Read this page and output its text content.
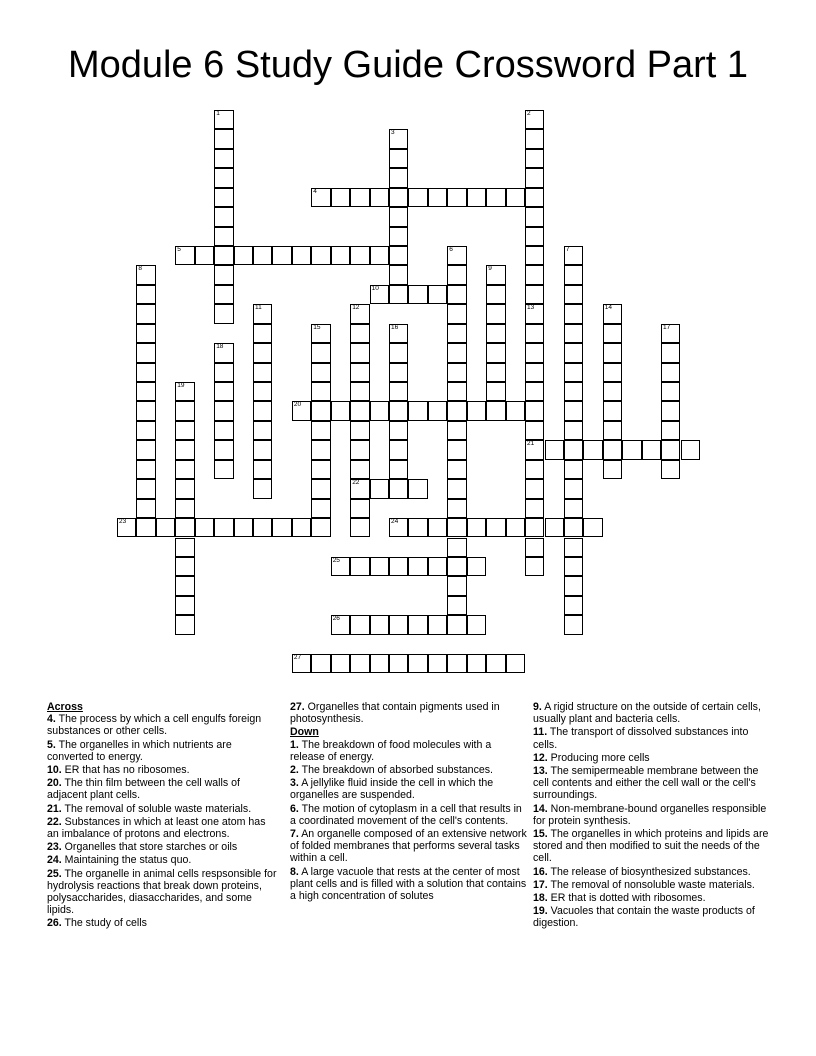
Module 6 Study Guide Crossword Part 1
1	2
3
4
5	6	7
8	9
10
11	12
22
13
21
14
15	16	17
18
19
20
23	24
25
26
27
Across
4. The process by which a cell engulfs foreign substances or other cells.
5. The organelles in which nutrients are converted to energy.
10. ER that has no ribosomes.
20. The thin film between the cell walls of adjacent plant cells.
21. The removal of soluble waste materials.
22. Substances in which at least one atom has an imbalance of protons and electrons.
23. Organelles that store starches or oils
24. Maintaining the status quo.
25. The organelle in animal cells respsonsible for hydrolysis reactions that break down proteins, polysaccharides, diasaccharides, and some lipids.
26. The study of cells
27. Organelles that contain pigments used in photosynthesis.
Down
1. The breakdown of food molecules with a release of energy.
2. The breakdown of absorbed substances.
3. A jellylike fluid inside the cell in which the organelles are suspended.
6. The motion of cytoplasm in a cell that results in a coordinated movement of the cell's contents.
7. An organelle composed of an extensive network of folded membranes that performs several tasks within a cell.
8. A large vacuole that rests at the center of most plant cells and is filled with a solution that contains a high concentration of solutes
9. A rigid structure on the outside of certain cells, usually plant and bacteria cells.
11. The transport of dissolved substances into cells.
12. Producing more cells
13. The semipermeable membrane between the cell contents and either the cell wall or the cell's surroundings.
14. Non-membrane-bound organelles responsible for protein synthesis.
15. The organelles in which proteins and lipids are stored and then modified to suit the needs of the cell.
16. The release of biosynthesized substances.
17. The removal of nonsoluble waste materials.
18. ER that is dotted with ribosomes.
19. Vacuoles that contain the waste products of digestion.
